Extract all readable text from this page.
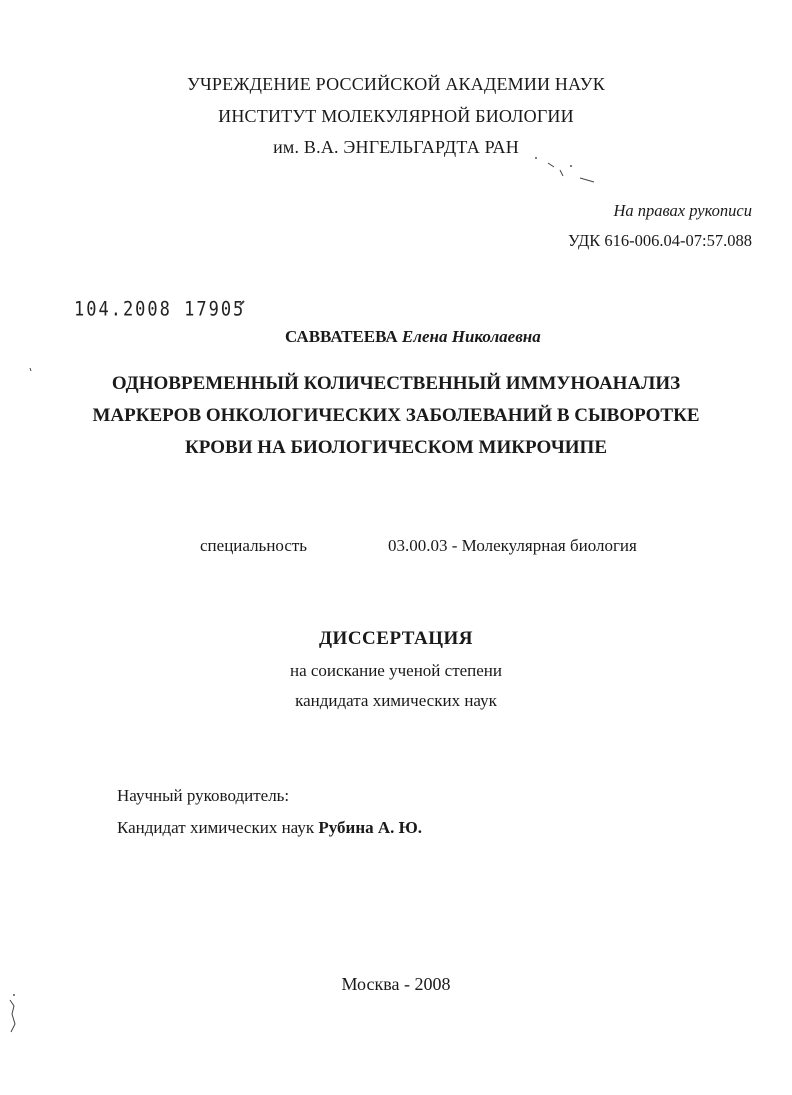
УЧРЕЖДЕНИЕ РОССИЙСКОЙ АКАДЕМИИ НАУК
ИНСТИТУТ МОЛЕКУЛЯРНОЙ БИОЛОГИИ
им. В.А. ЭНГЕЛЬГАРДТА РАН
На правах рукописи
УДК 616-006.04-07:57.088
104.2008 17905
САВВАТЕЕВА Елена Николаевна
ОДНОВРЕМЕННЫЙ КОЛИЧЕСТВЕННЫЙ ИММУНОАНАЛИЗ
МАРКЕРОВ ОНКОЛОГИЧЕСКИХ ЗАБОЛЕВАНИЙ В СЫВОРОТКЕ
КРОВИ НА БИОЛОГИЧЕСКОМ МИКРОЧИПЕ
специальность	03.00.03 - Молекулярная биология
ДИССЕРТАЦИЯ
на соискание ученой степени
кандидата химических наук
Научный руководитель:
Кандидат химических наук Рубина А. Ю.
Москва - 2008
